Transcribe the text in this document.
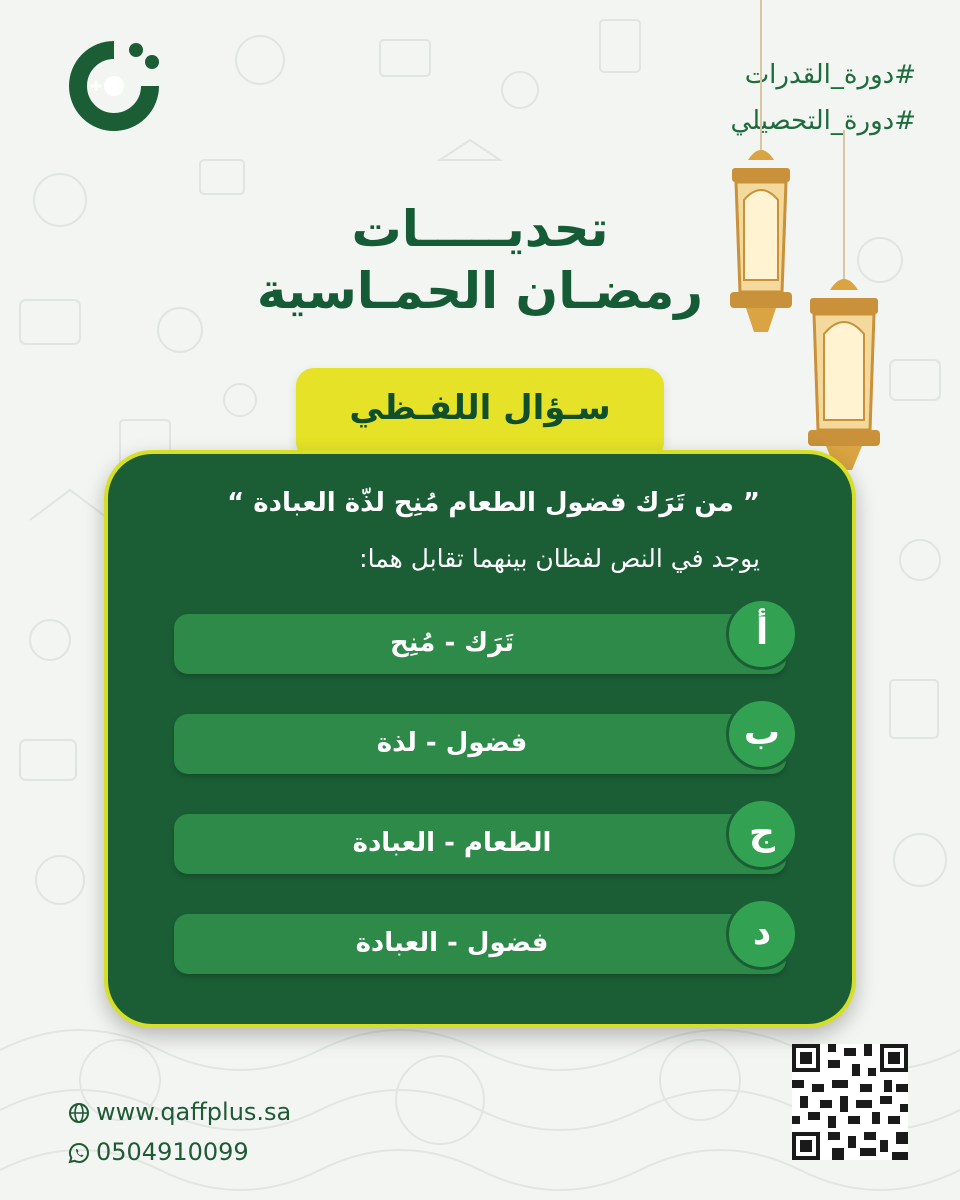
#دورة_القدرات
#دورة_التحصيلي
تحديـــــات
رمضـان الحمـاسية
سـؤال اللفـظي
” من تَرَك فضول الطعام مُنِح لذّة العبادة “
يوجد في النص لفظان بينهما تقابل هما:
تَرَك - مُنِح	أ
فضول - لذة	ب
الطعام - العبادة	ج
فضول - العبادة	د
www.qaffplus.sa
0504910099
